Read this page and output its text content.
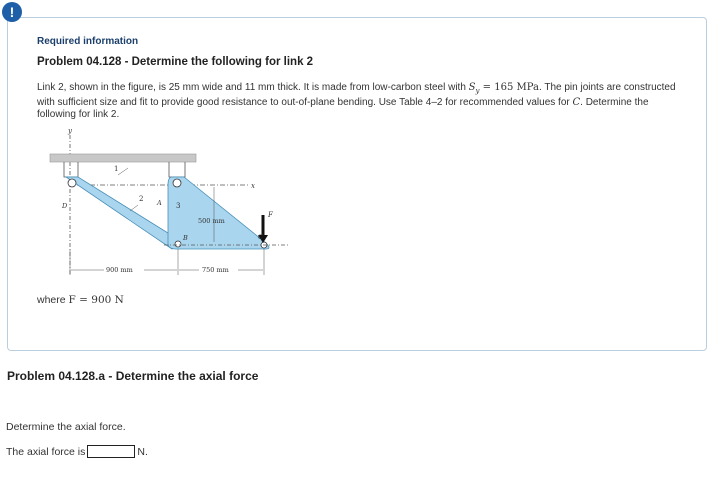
!
Required information
Problem 04.128 - Determine the following for link 2
Link 2, shown in the figure, is 25 mm wide and 11 mm thick. It is made from low-carbon steel with $S_y = 165$ MPa. The pin joints are constructed with sufficient size and fit to provide good resistance to out-of-plane bending. Use Table 4–2 for recommended values for C. Determine the following for link 2.
y
x
F
500 mm
1
2
3
A
B	C
D
900 mm	750 mm
where F = 900 N
Problem 04.128.a - Determine the axial force
Determine the axial force.
The axial force is	N.
